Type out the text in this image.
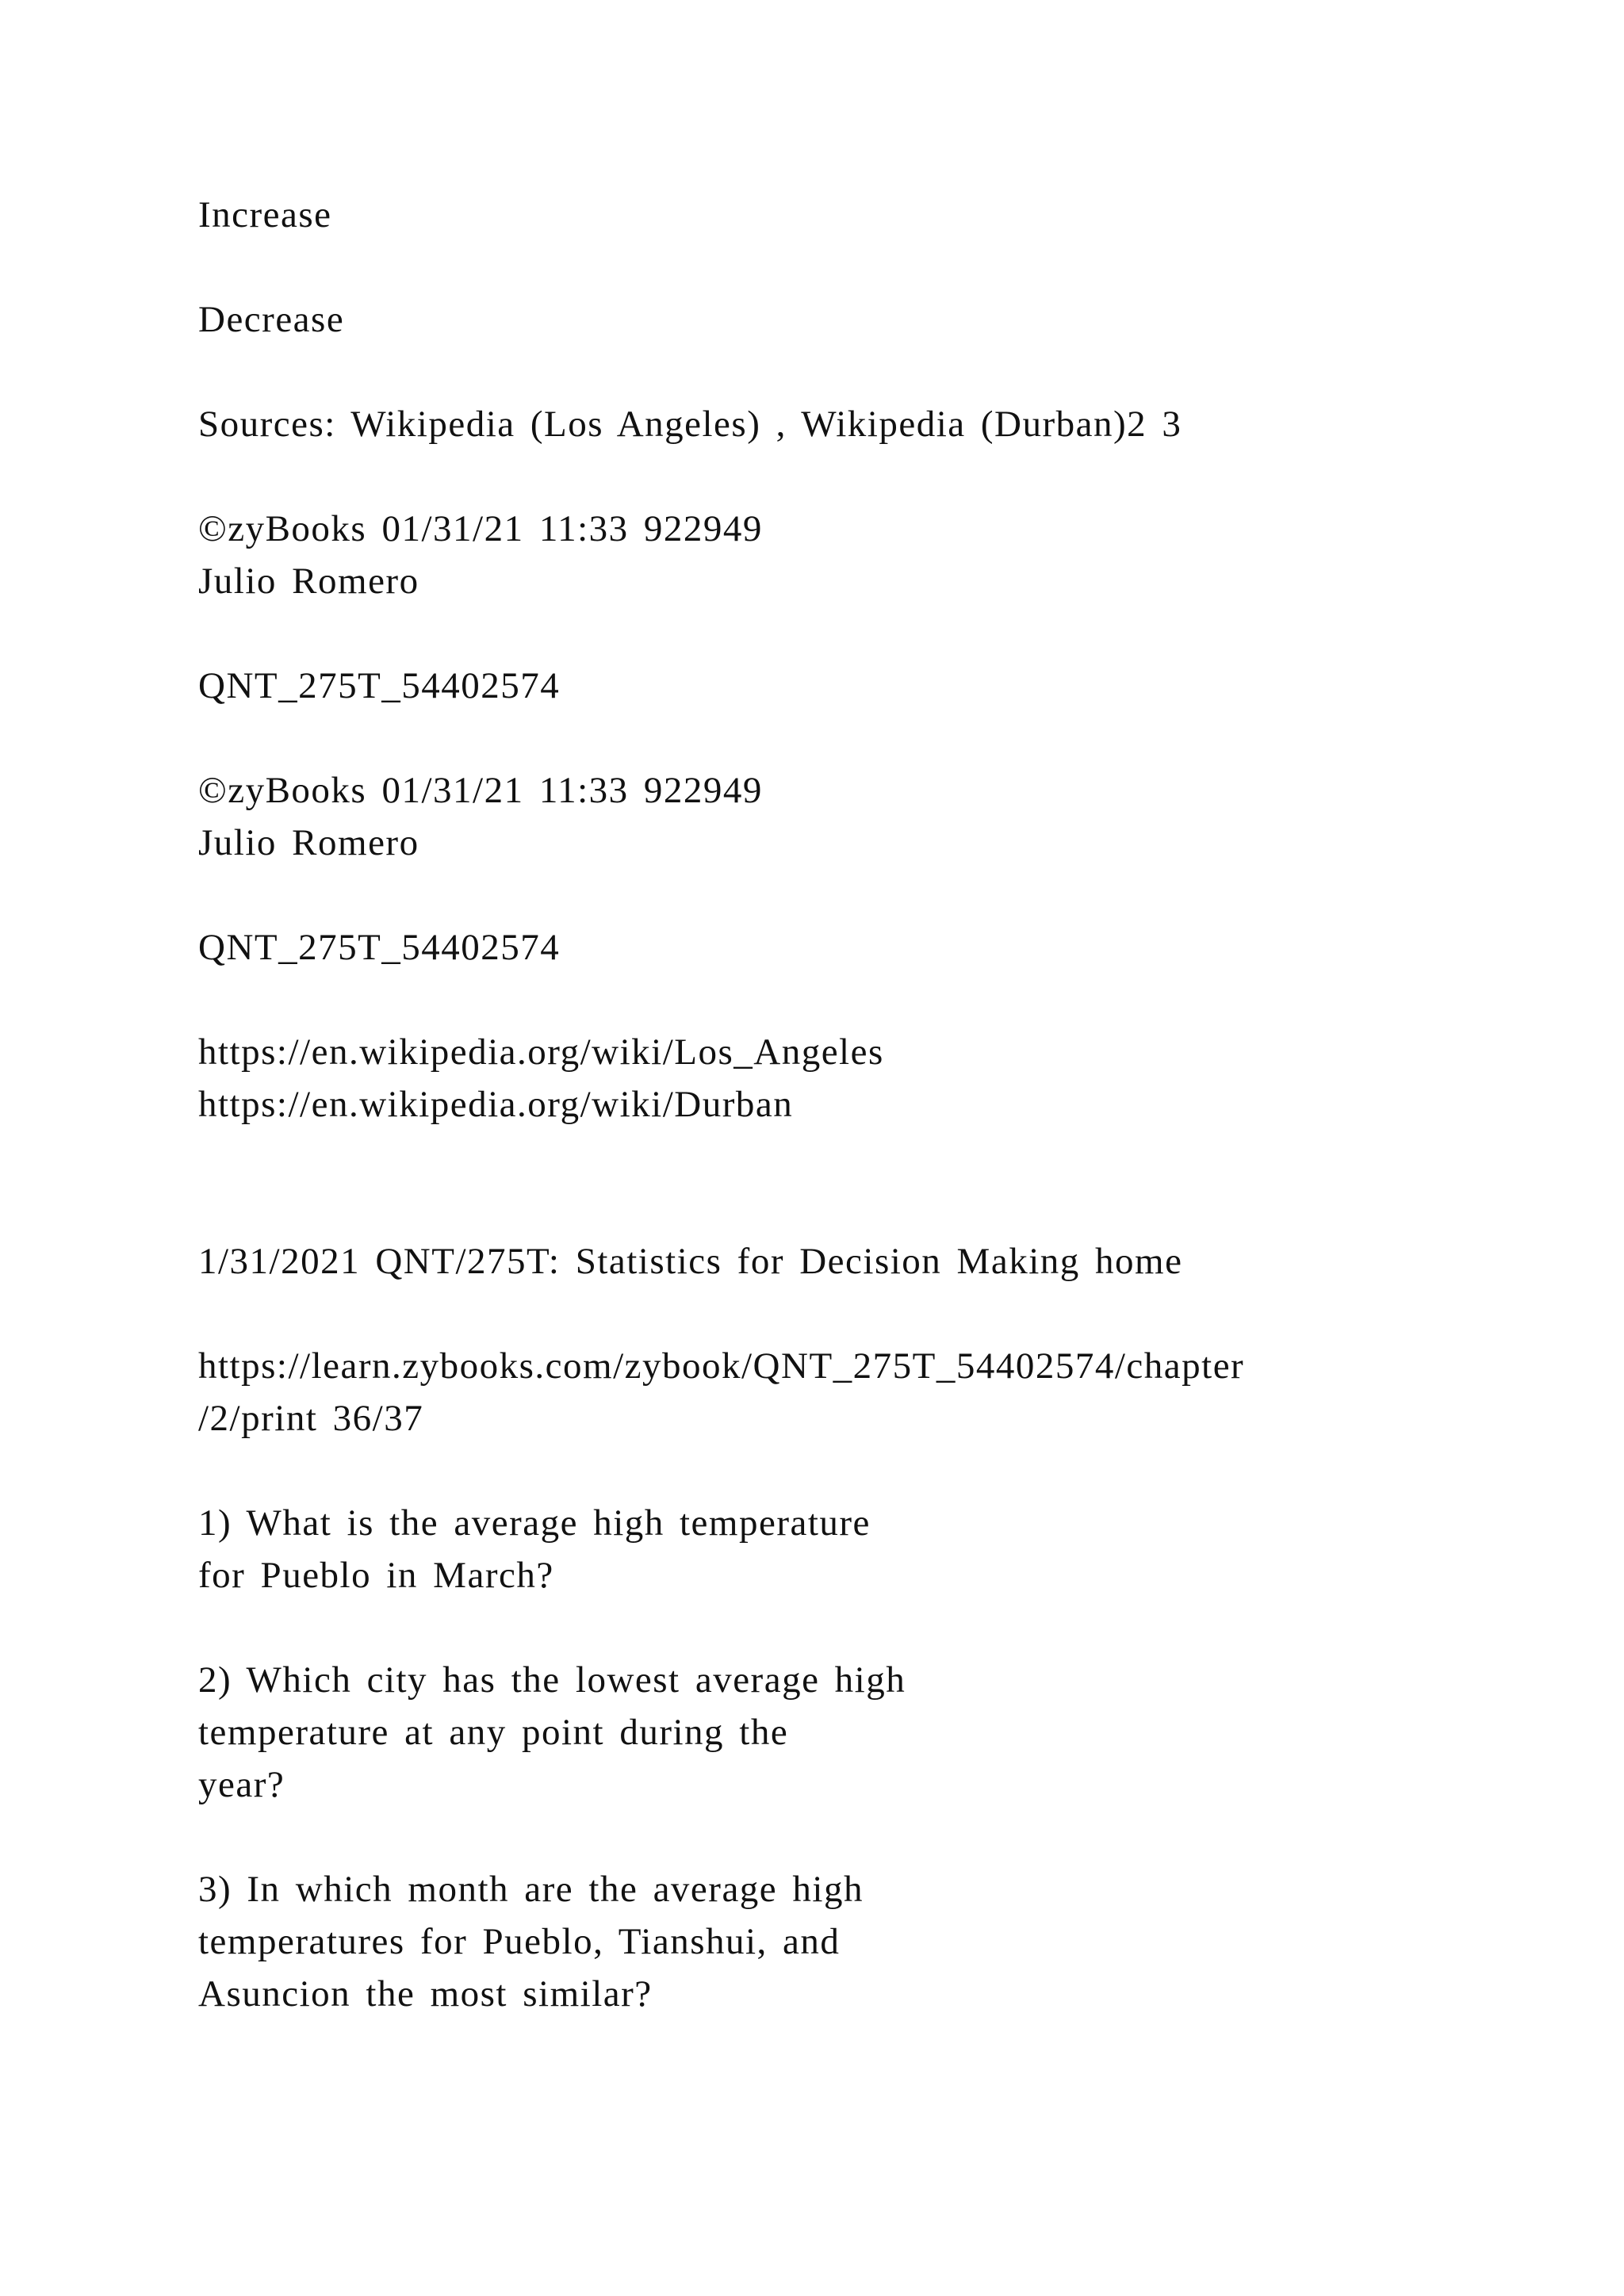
Increase
Decrease
Sources: Wikipedia (Los Angeles) , Wikipedia (Durban)2 3
©zyBooks 01/31/21 11:33 922949
Julio Romero
QNT_275T_54402574
©zyBooks 01/31/21 11:33 922949
Julio Romero
QNT_275T_54402574
https://en.wikipedia.org/wiki/Los_Angeles
https://en.wikipedia.org/wiki/Durban
1/31/2021 QNT/275T: Statistics for Decision Making home
https://learn.zybooks.com/zybook/QNT_275T_54402574/chapter
/2/print 36/37
1) What is the average high temperature
for Pueblo in March?
2) Which city has the lowest average high
temperature at any point during the
year?
3) In which month are the average high
temperatures for Pueblo, Tianshui, and
Asuncion the most similar?
